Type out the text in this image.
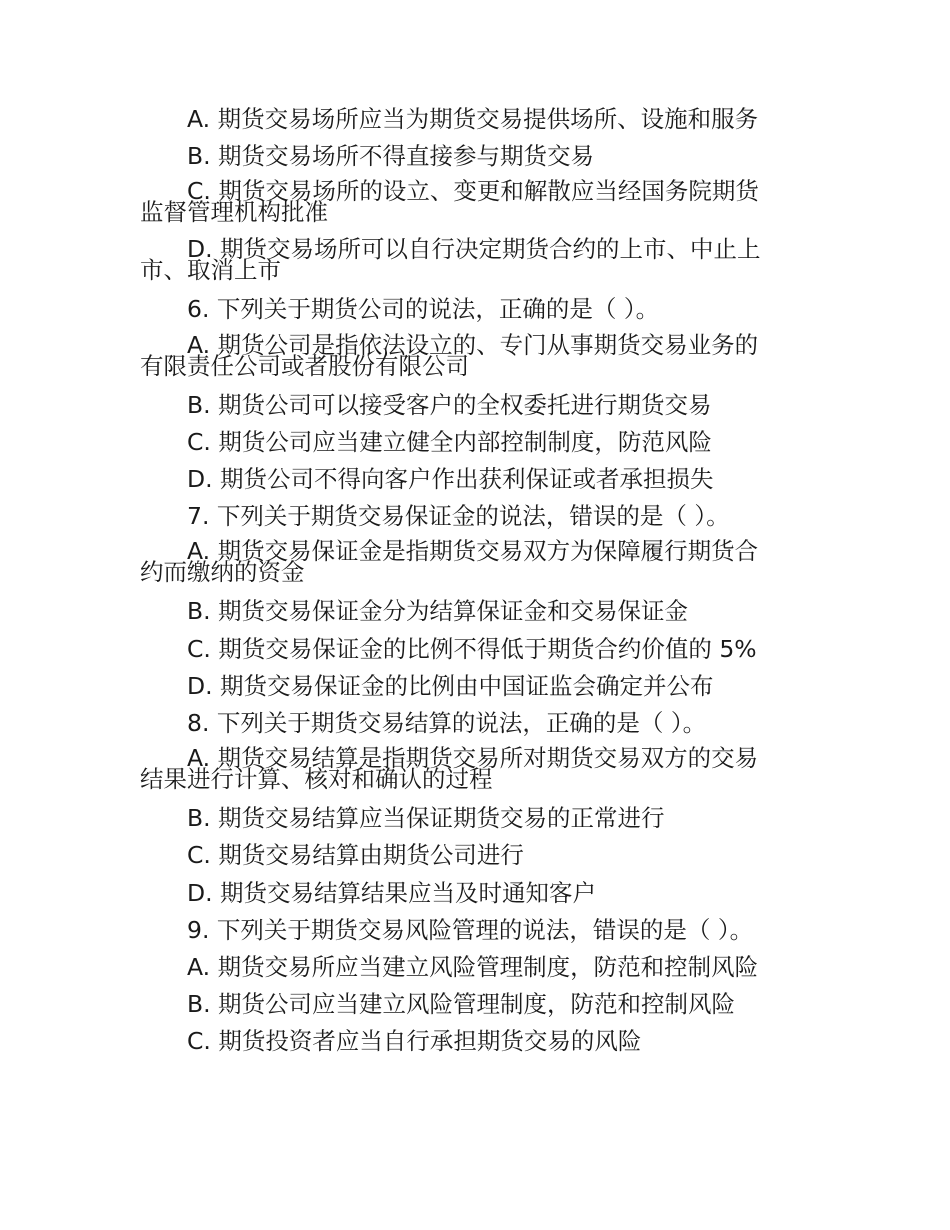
A. 期货交易场所应当为期货交易提供场所、设施和服务
B. 期货交易场所不得直接参与期货交易
C. 期货交易场所的设立、变更和解散应当经国务院期货
监督管理机构批准
D. 期货交易场所可以自行决定期货合约的上市、中止上
市、取消上市
6. 下列关于期货公司的说法，正确的是（ ）。
A. 期货公司是指依法设立的、专门从事期货交易业务的
有限责任公司或者股份有限公司
B. 期货公司可以接受客户的全权委托进行期货交易
C. 期货公司应当建立健全内部控制制度，防范风险
D. 期货公司不得向客户作出获利保证或者承担损失
7. 下列关于期货交易保证金的说法，错误的是（ ）。
A. 期货交易保证金是指期货交易双方为保障履行期货合
约而缴纳的资金
B. 期货交易保证金分为结算保证金和交易保证金
C. 期货交易保证金的比例不得低于期货合约价值的 5%
D. 期货交易保证金的比例由中国证监会确定并公布
8. 下列关于期货交易结算的说法，正确的是（ ）。
A. 期货交易结算是指期货交易所对期货交易双方的交易
结果进行计算、核对和确认的过程
B. 期货交易结算应当保证期货交易的正常进行
C. 期货交易结算由期货公司进行
D. 期货交易结算结果应当及时通知客户
9. 下列关于期货交易风险管理的说法，错误的是（ ）。
A. 期货交易所应当建立风险管理制度，防范和控制风险
B. 期货公司应当建立风险管理制度，防范和控制风险
C. 期货投资者应当自行承担期货交易的风险
